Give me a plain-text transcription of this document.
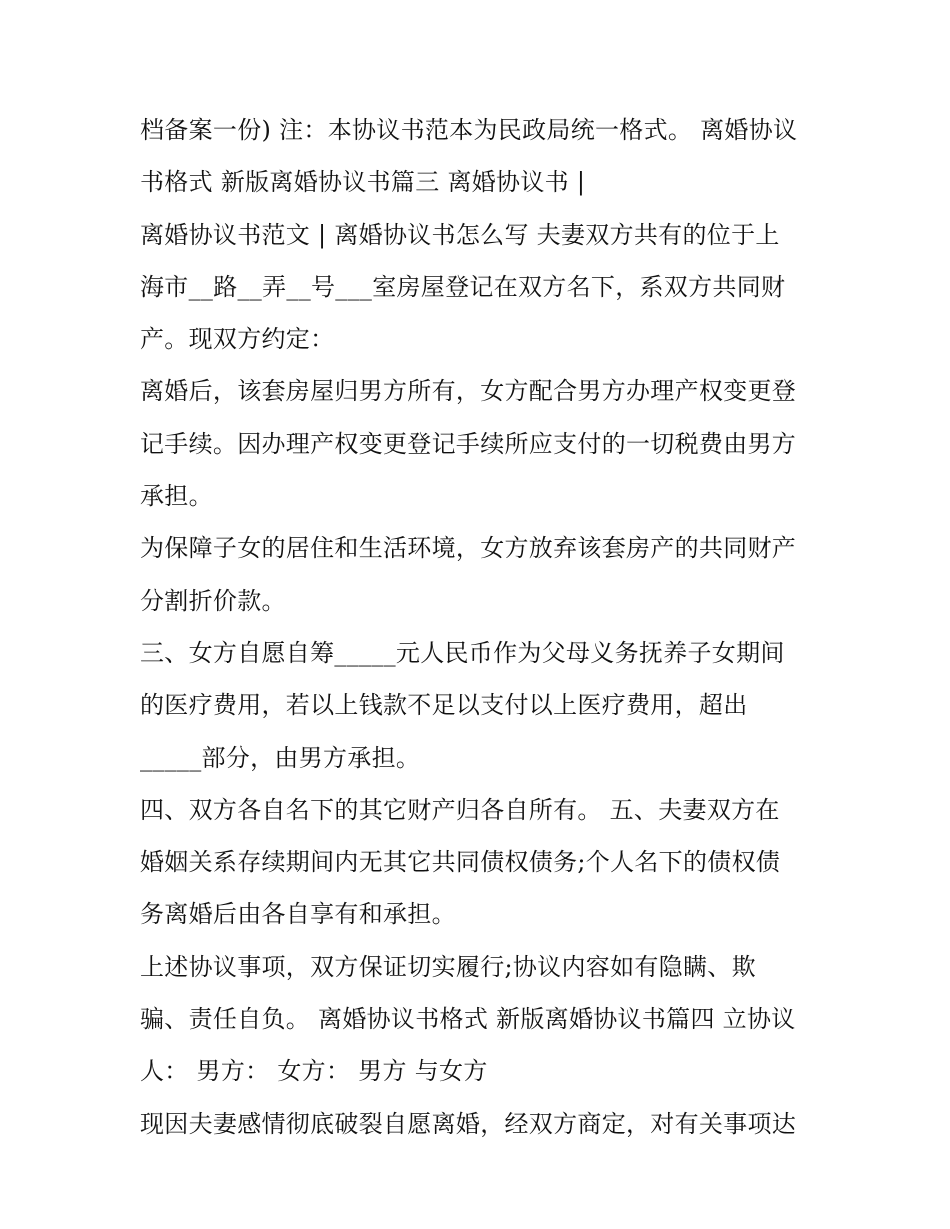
档备案一份) 注：本协议书范本为民政局统一格式。 离婚协议
书格式 新版离婚协议书篇三 离婚协议书 |
离婚协议书范文 | 离婚协议书怎么写 夫妻双方共有的位于上
海市__路__弄__号___室房屋登记在双方名下，系双方共同财
产。现双方约定：
离婚后，该套房屋归男方所有，女方配合男方办理产权变更登
记手续。因办理产权变更登记手续所应支付的一切税费由男方
承担。
为保障子女的居住和生活环境，女方放弃该套房产的共同财产
分割折价款。
三、女方自愿自筹_____元人民币作为父母义务抚养子女期间
的医疗费用，若以上钱款不足以支付以上医疗费用，超出
_____部分，由男方承担。
四、双方各自名下的其它财产归各自所有。 五、夫妻双方在
婚姻关系存续期间内无其它共同债权债务;个人名下的债权债
务离婚后由各自享有和承担。
上述协议事项，双方保证切实履行;协议内容如有隐瞒、欺
骗、责任自负。 离婚协议书格式 新版离婚协议书篇四 立协议
人： 男方： 女方： 男方 与女方
现因夫妻感情彻底破裂自愿离婚，经双方商定，对有关事项达
